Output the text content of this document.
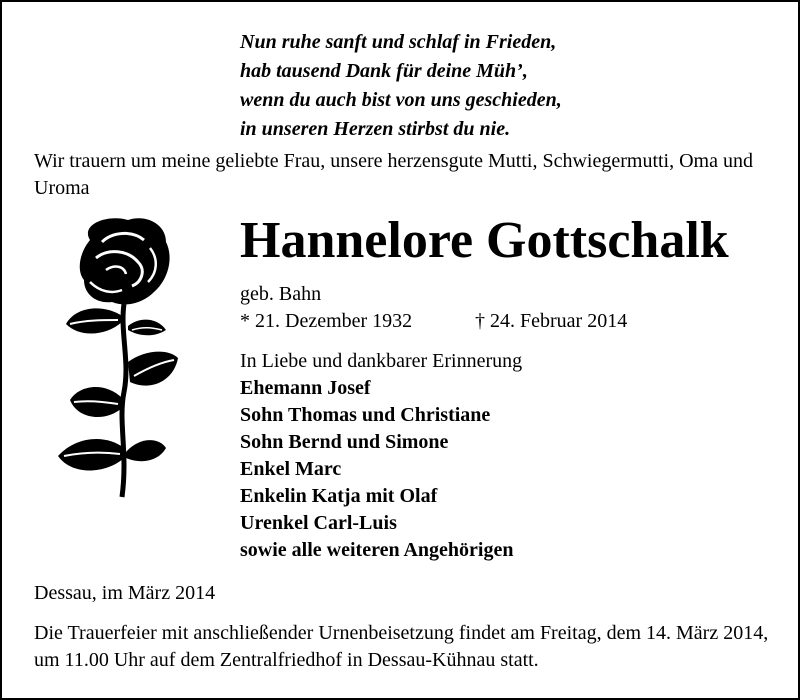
Nun ruhe sanft und schlaf in Frieden,
hab tausend Dank für deine Müh’,
wenn du auch bist von uns geschieden,
in unseren Herzen stirbst du nie.
Wir trauern um meine geliebte Frau, unsere herzensgute Mutti, Schwiegermutti, Oma und Uroma
Hannelore Gottschalk
geb. Bahn
* 21. Dezember 1932	† 24. Februar 2014
In Liebe und dankbarer Erinnerung
Ehemann Josef
Sohn Thomas und Christiane
Sohn Bernd und Simone
Enkel Marc
Enkelin Katja mit Olaf
Urenkel Carl-Luis
sowie alle weiteren Angehörigen
Dessau, im März 2014
Die Trauerfeier mit anschließender Urnenbeisetzung findet am Freitag, dem 14. März 2014, um 11.00 Uhr auf dem Zentralfriedhof in Dessau-Kühnau statt.
